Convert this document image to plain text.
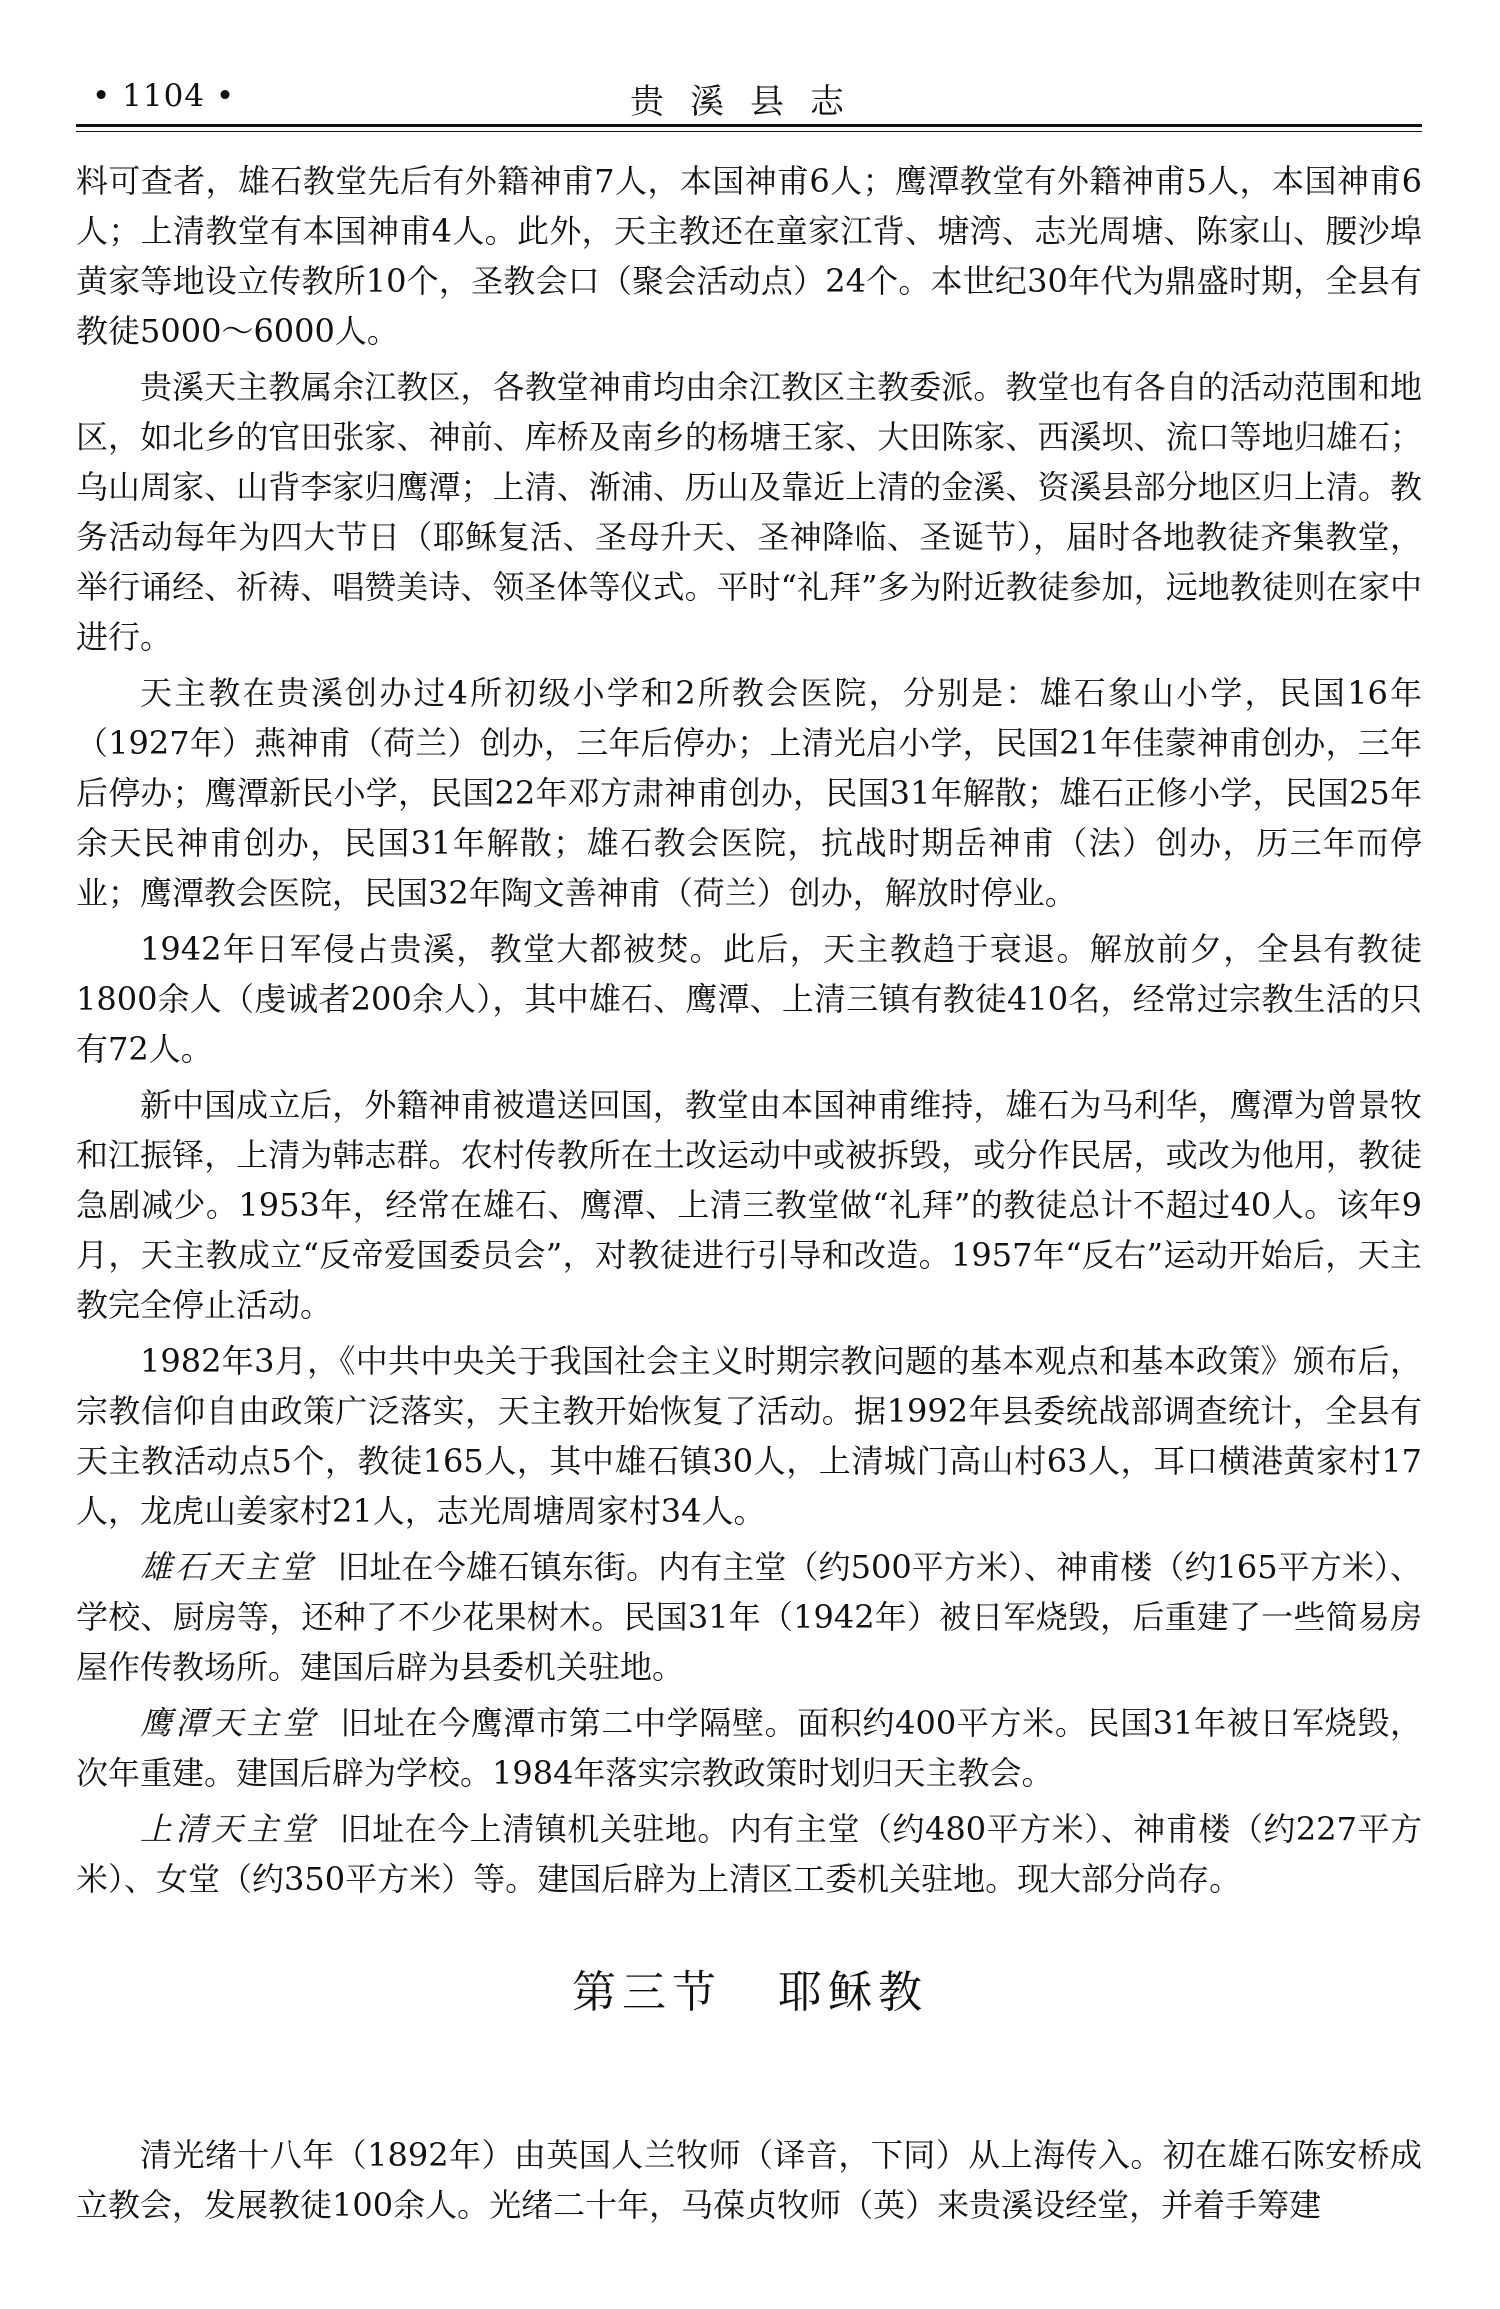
• 1104 •	贵溪县志

料可查者，雄石教堂先后有外籍神甫7人，本国神甫6人；鹰潭教堂有外籍神甫5人，本国神甫6人；上清教堂有本国神甫4人。此外，天主教还在童家江背、塘湾、志光周塘、陈家山、腰沙埠黄家等地设立传教所10个，圣教会口（聚会活动点）24个。本世纪30年代为鼎盛时期，全县有教徒5000～6000人。

贵溪天主教属余江教区，各教堂神甫均由余江教区主教委派。教堂也有各自的活动范围和地区，如北乡的官田张家、神前、库桥及南乡的杨塘王家、大田陈家、西溪坝、流口等地归雄石；乌山周家、山背李家归鹰潭；上清、渐浦、历山及靠近上清的金溪、资溪县部分地区归上清。教务活动每年为四大节日（耶稣复活、圣母升天、圣神降临、圣诞节），届时各地教徒齐集教堂，举行诵经、祈祷、唱赞美诗、领圣体等仪式。平时“礼拜”多为附近教徒参加，远地教徒则在家中进行。

天主教在贵溪创办过4所初级小学和2所教会医院，分别是：雄石象山小学，民国16年（1927年）燕神甫（荷兰）创办，三年后停办；上清光启小学，民国21年佳蒙神甫创办，三年后停办；鹰潭新民小学，民国22年邓方肃神甫创办，民国31年解散；雄石正修小学，民国25年余天民神甫创办，民国31年解散；雄石教会医院，抗战时期岳神甫（法）创办，历三年而停业；鹰潭教会医院，民国32年陶文善神甫（荷兰）创办，解放时停业。

1942年日军侵占贵溪，教堂大都被焚。此后，天主教趋于衰退。解放前夕，全县有教徒1800余人（虔诚者200余人），其中雄石、鹰潭、上清三镇有教徒410名，经常过宗教生活的只有72人。

新中国成立后，外籍神甫被遣送回国，教堂由本国神甫维持，雄石为马利华，鹰潭为曾景牧和江振铎，上清为韩志群。农村传教所在土改运动中或被拆毁，或分作民居，或改为他用，教徒急剧减少。1953年，经常在雄石、鹰潭、上清三教堂做“礼拜”的教徒总计不超过40人。该年9月，天主教成立“反帝爱国委员会”，对教徒进行引导和改造。1957年“反右”运动开始后，天主教完全停止活动。

1982年3月，《中共中央关于我国社会主义时期宗教问题的基本观点和基本政策》颁布后，宗教信仰自由政策广泛落实，天主教开始恢复了活动。据1992年县委统战部调查统计，全县有天主教活动点5个，教徒165人，其中雄石镇30人，上清城门高山村63人，耳口横港黄家村17人，龙虎山姜家村21人，志光周塘周家村34人。

雄石天主堂 旧址在今雄石镇东街。内有主堂（约500平方米）、神甫楼（约165平方米）、学校、厨房等，还种了不少花果树木。民国31年（1942年）被日军烧毁，后重建了一些简易房屋作传教场所。建国后辟为县委机关驻地。

鹰潭天主堂 旧址在今鹰潭市第二中学隔壁。面积约400平方米。民国31年被日军烧毁，次年重建。建国后辟为学校。1984年落实宗教政策时划归天主教会。

上清天主堂 旧址在今上清镇机关驻地。内有主堂（约480平方米）、神甫楼（约227平方米）、女堂（约350平方米）等。建国后辟为上清区工委机关驻地。现大部分尚存。

第三节 耶稣教

清光绪十八年（1892年）由英国人兰牧师（译音，下同）从上海传入。初在雄石陈安桥成立教会，发展教徒100余人。光绪二十年，马葆贞牧师（英）来贵溪设经堂，并着手筹建
